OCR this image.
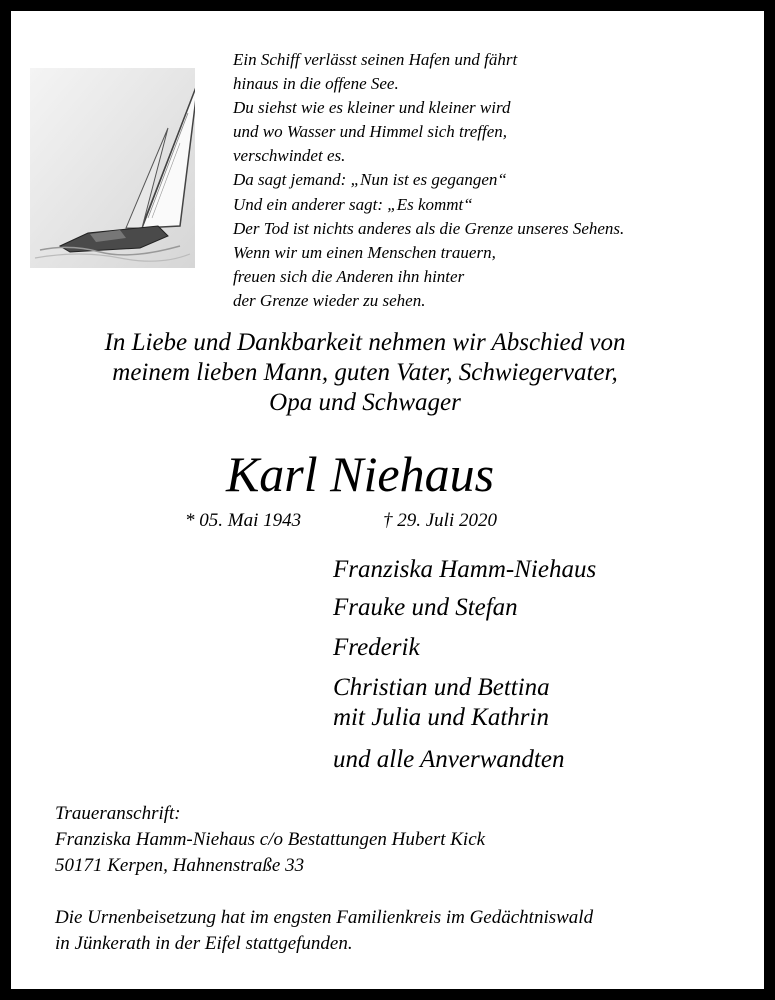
Ein Schiff verlässt seinen Hafen und fährt
hinaus in die offene See.
Du siehst wie es kleiner und kleiner wird
und wo Wasser und Himmel sich treffen,
verschwindet es.
Da sagt jemand: „Nun ist es gegangen“
Und ein anderer sagt: „Es kommt“
Der Tod ist nichts anderes als die Grenze unseres Sehens.
Wenn wir um einen Menschen trauern,
freuen sich die Anderen ihn hinter
der Grenze wieder zu sehen.
In Liebe und Dankbarkeit nehmen wir Abschied von
meinem lieben Mann, guten Vater, Schwiegervater,
Opa und Schwager
Karl Niehaus
* 05. Mai 1943	† 29. Juli 2020
Franziska Hamm-Niehaus
Frauke und Stefan
Frederik
Christian und Bettina
mit Julia und Kathrin
und alle Anverwandten
Traueranschrift:
Franziska Hamm-Niehaus c/o Bestattungen Hubert Kick
50171 Kerpen, Hahnenstraße 33
Die Urnenbeisetzung hat im engsten Familienkreis im Gedächtniswald
in Jünkerath in der Eifel stattgefunden.
